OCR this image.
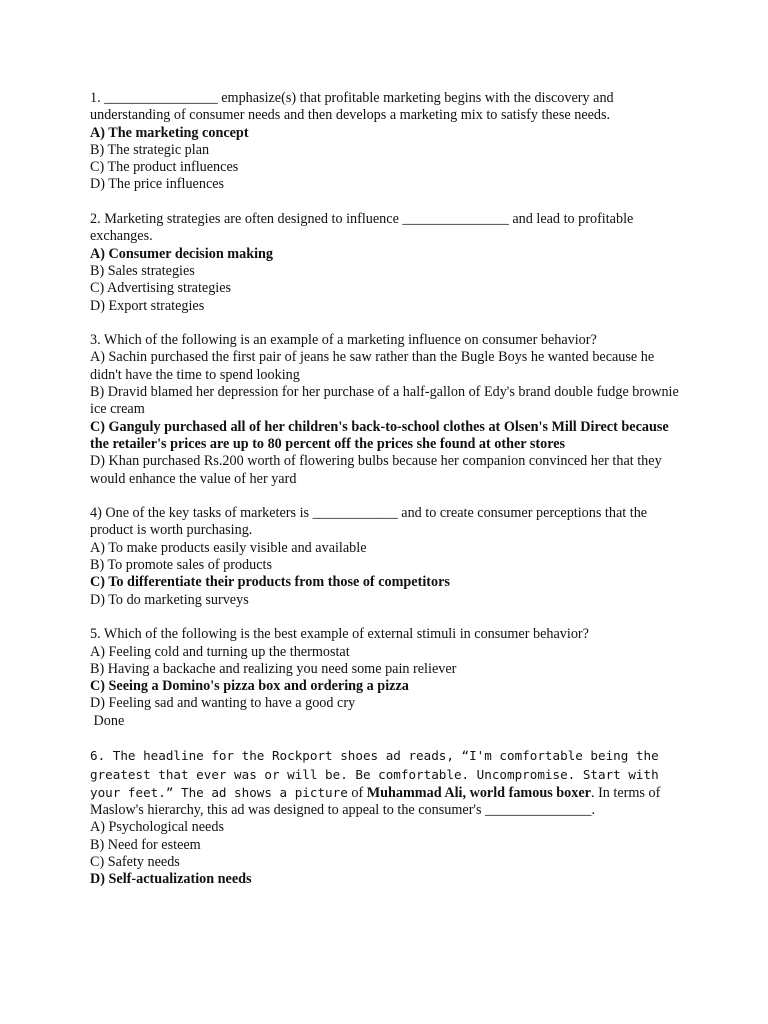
1. ________________ emphasize(s) that profitable marketing begins with the discovery and understanding of consumer needs and then develops a marketing mix to satisfy these needs.
A) The marketing concept
B) The strategic plan
C) The product influences
D) The price influences
2. Marketing strategies are often designed to influence _______________ and lead to profitable exchanges.
A) Consumer decision making
B) Sales strategies
C) Advertising strategies
D) Export strategies
3. Which of the following is an example of a marketing influence on consumer behavior?
A) Sachin purchased the first pair of jeans he saw rather than the Bugle Boys he wanted because he didn't have the time to spend looking
B) Dravid blamed her depression for her purchase of a half-gallon of Edy's brand double fudge brownie ice cream
C) Ganguly purchased all of her children's back-to-school clothes at Olsen's Mill Direct because the retailer's prices are up to 80 percent off the prices she found at other stores
D) Khan purchased Rs.200 worth of flowering bulbs because her companion convinced her that they would enhance the value of her yard
4) One of the key tasks of marketers is ____________ and to create consumer perceptions that the product is worth purchasing.
A) To make products easily visible and available
B) To promote sales of products
C) To differentiate their products from those of competitors
D) To do marketing surveys
5. Which of the following is the best example of external stimuli in consumer behavior?
A) Feeling cold and turning up the thermostat
B) Having a backache and realizing you need some pain reliever
C) Seeing a Domino's pizza box and ordering a pizza
D) Feeling sad and wanting to have a good cry
Done
6. The headline for the Rockport shoes ad reads, “I'm comfortable being the greatest that ever was or will be. Be comfortable. Uncompromise. Start with your feet.” The ad shows a picture of Muhammad Ali, world famous boxer. In terms of Maslow's hierarchy, this ad was designed to appeal to the consumer's _______________.
A) Psychological needs
B) Need for esteem
C) Safety needs
D) Self-actualization needs
